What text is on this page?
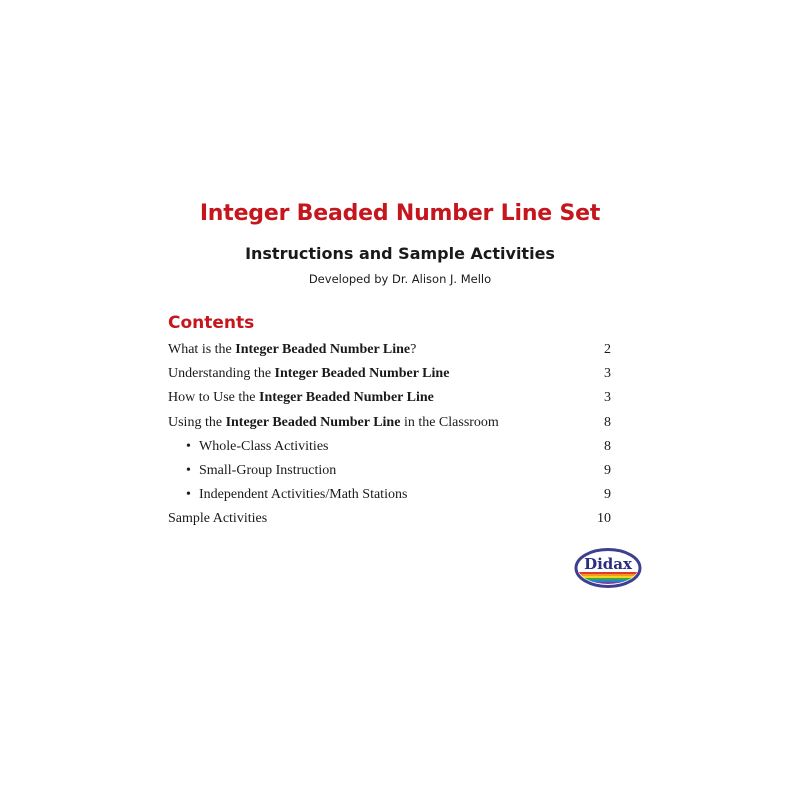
Integer Beaded Number Line Set
Instructions and Sample Activities
Developed by Dr. Alison J. Mello
Contents
What is the Integer Beaded Number Line?	2
Understanding the Integer Beaded Number Line	3
How to Use the Integer Beaded Number Line	3
Using the Integer Beaded Number Line in the Classroom	8
• Whole-Class Activities	8
• Small-Group Instruction	9
• Independent Activities/Math Stations	9
Sample Activities	10
Didax
